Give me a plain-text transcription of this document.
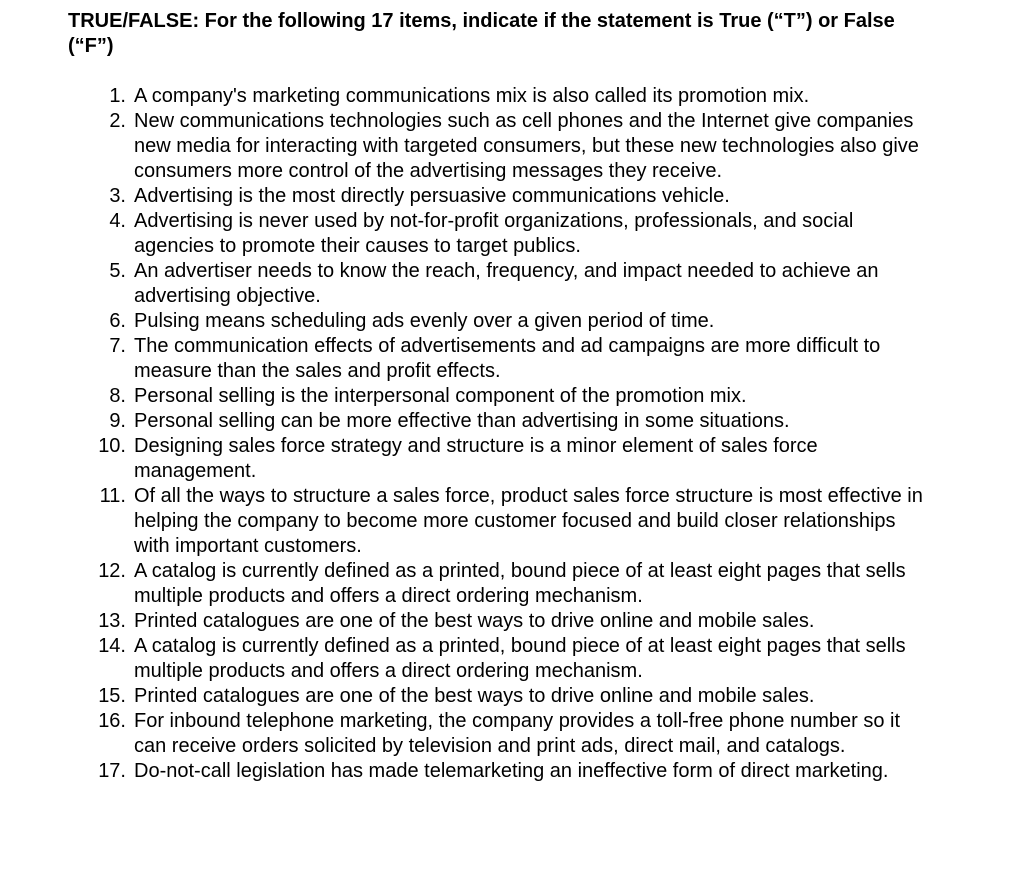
TRUE/FALSE: For the following 17 items, indicate if the statement is True (“T”) or False (“F”)
1. A company's marketing communications mix is also called its promotion mix.
2. New communications technologies such as cell phones and the Internet give companies new media for interacting with targeted consumers, but these new technologies also give consumers more control of the advertising messages they receive.
3. Advertising is the most directly persuasive communications vehicle.
4. Advertising is never used by not-for-profit organizations, professionals, and social agencies to promote their causes to target publics.
5. An advertiser needs to know the reach, frequency, and impact needed to achieve an advertising objective.
6. Pulsing means scheduling ads evenly over a given period of time.
7. The communication effects of advertisements and ad campaigns are more difficult to measure than the sales and profit effects.
8. Personal selling is the interpersonal component of the promotion mix.
9. Personal selling can be more effective than advertising in some situations.
10. Designing sales force strategy and structure is a minor element of sales force management.
11. Of all the ways to structure a sales force, product sales force structure is most effective in helping the company to become more customer focused and build closer relationships with important customers.
12. A catalog is currently defined as a printed, bound piece of at least eight pages that sells multiple products and offers a direct ordering mechanism.
13. Printed catalogues are one of the best ways to drive online and mobile sales.
14. A catalog is currently defined as a printed, bound piece of at least eight pages that sells multiple products and offers a direct ordering mechanism.
15. Printed catalogues are one of the best ways to drive online and mobile sales.
16. For inbound telephone marketing, the company provides a toll-free phone number so it can receive orders solicited by television and print ads, direct mail, and catalogs.
17. Do-not-call legislation has made telemarketing an ineffective form of direct marketing.
